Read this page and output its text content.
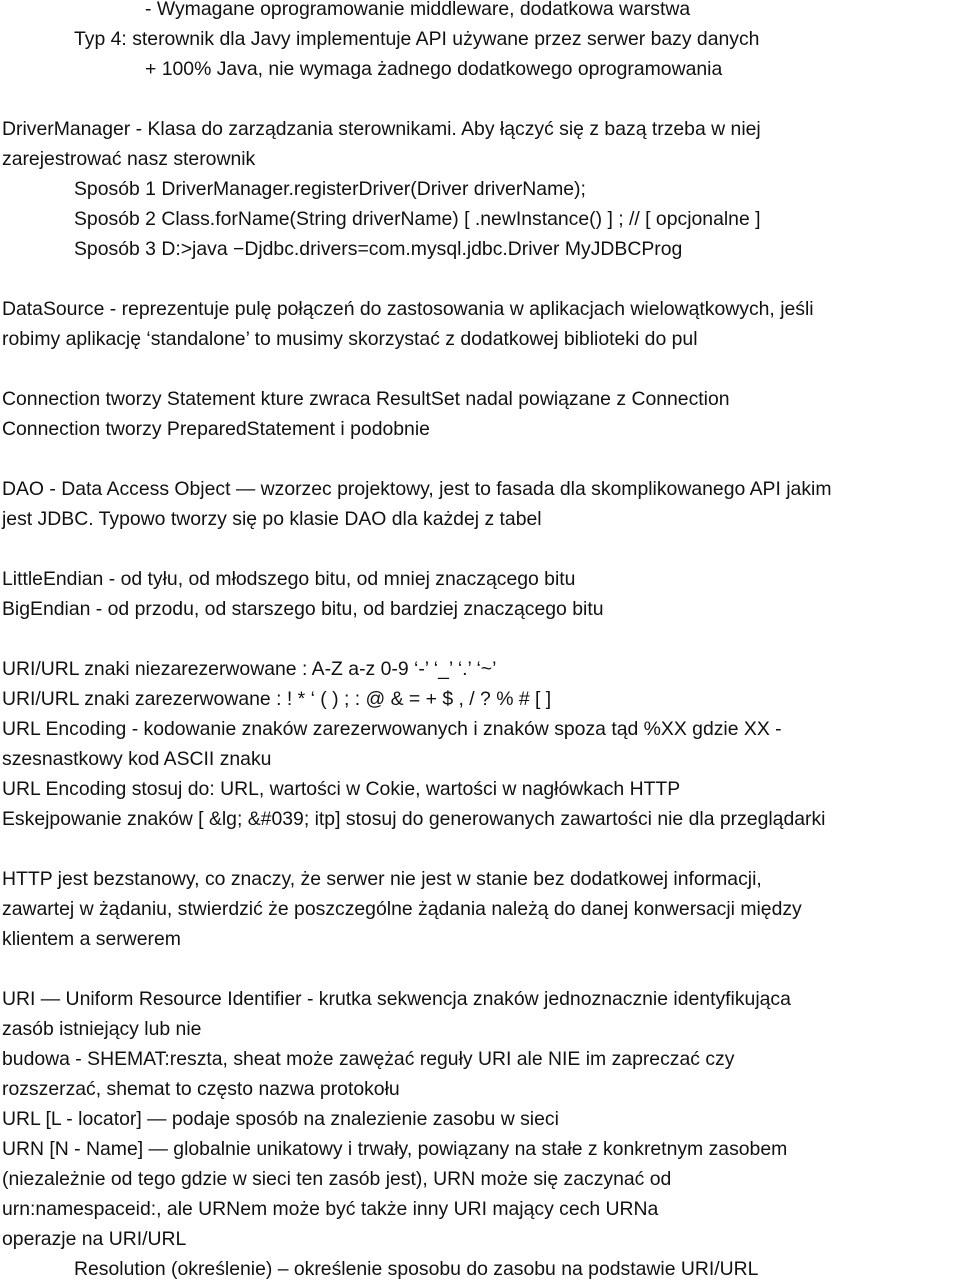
- Wymagane oprogramowanie middleware, dodatkowa warstwa
Typ 4: sterownik dla Javy implementuje API używane przez serwer bazy danych
+ 100% Java, nie wymaga żadnego dodatkowego oprogramowania
DriverManager - Klasa do zarządzania sterownikami. Aby łączyć się z bazą trzeba w niej
zarejestrować nasz sterownik
Sposób 1 DriverManager.registerDriver(Driver driverName);
Sposób 2 Class.forName(String driverName) [ .newInstance() ] ; // [ opcjonalne ]
Sposób 3 D:>java −Djdbc.drivers=com.mysql.jdbc.Driver MyJDBCProg
DataSource - reprezentuje pulę połączeń do zastosowania w aplikacjach wielowątkowych, jeśli
robimy aplikację ‘standalone’ to musimy skorzystać z dodatkowej biblioteki do pul
Connection tworzy Statement kture zwraca ResultSet nadal powiązane z Connection
Connection tworzy PreparedStatement i podobnie
DAO - Data Access Object — wzorzec projektowy, jest to fasada dla skomplikowanego API jakim
jest JDBC. Typowo tworzy się po klasie DAO dla każdej z tabel
LittleEndian - od tyłu, od młodszego bitu, od mniej znaczącego bitu
BigEndian - od przodu, od starszego bitu, od bardziej znaczącego bitu
URI/URL znaki niezarezerwowane : A-Z a-z 0-9 ‘-’ ‘_’ ‘.’ ‘~’
URI/URL znaki zarezerwowane : ! * ‘ ( ) ; : @ & = + $ , / ? % # [ ]
URL Encoding - kodowanie znaków zarezerwowanych i znaków spoza tąd %XX gdzie XX -
szesnastkowy kod ASCII znaku
URL Encoding stosuj do: URL, wartości w Cokie, wartości w nagłówkach HTTP
Eskejpowanie znaków [ &lg; &#039; itp] stosuj do generowanych zawartości nie dla przeglądarki
HTTP jest bezstanowy, co znaczy, że serwer nie jest w stanie bez dodatkowej informacji,
zawartej w żądaniu, stwierdzić że poszczególne żądania należą do danej konwersacji między
klientem a serwerem
URI — Uniform Resource Identifier - krutka sekwencja znaków jednoznacznie identyfikująca
zasób istniejący lub nie
budowa - SHEMAT:reszta, sheat może zawężać reguły URI ale NIE im zapreczać czy
rozszerzać, shemat to często nazwa protokołu
URL [L - locator] — podaje sposób na znalezienie zasobu w sieci
URN [N - Name] — globalnie unikatowy i trwały, powiązany na stałe z konkretnym zasobem
(niezależnie od tego gdzie w sieci ten zasób jest), URN może się zaczynać od
urn:namespaceid:, ale URNem może być także inny URI mający cech URNa
operazje na URI/URL
Resolution (określenie) – określenie sposobu do zasobu na podstawie URI/URL
